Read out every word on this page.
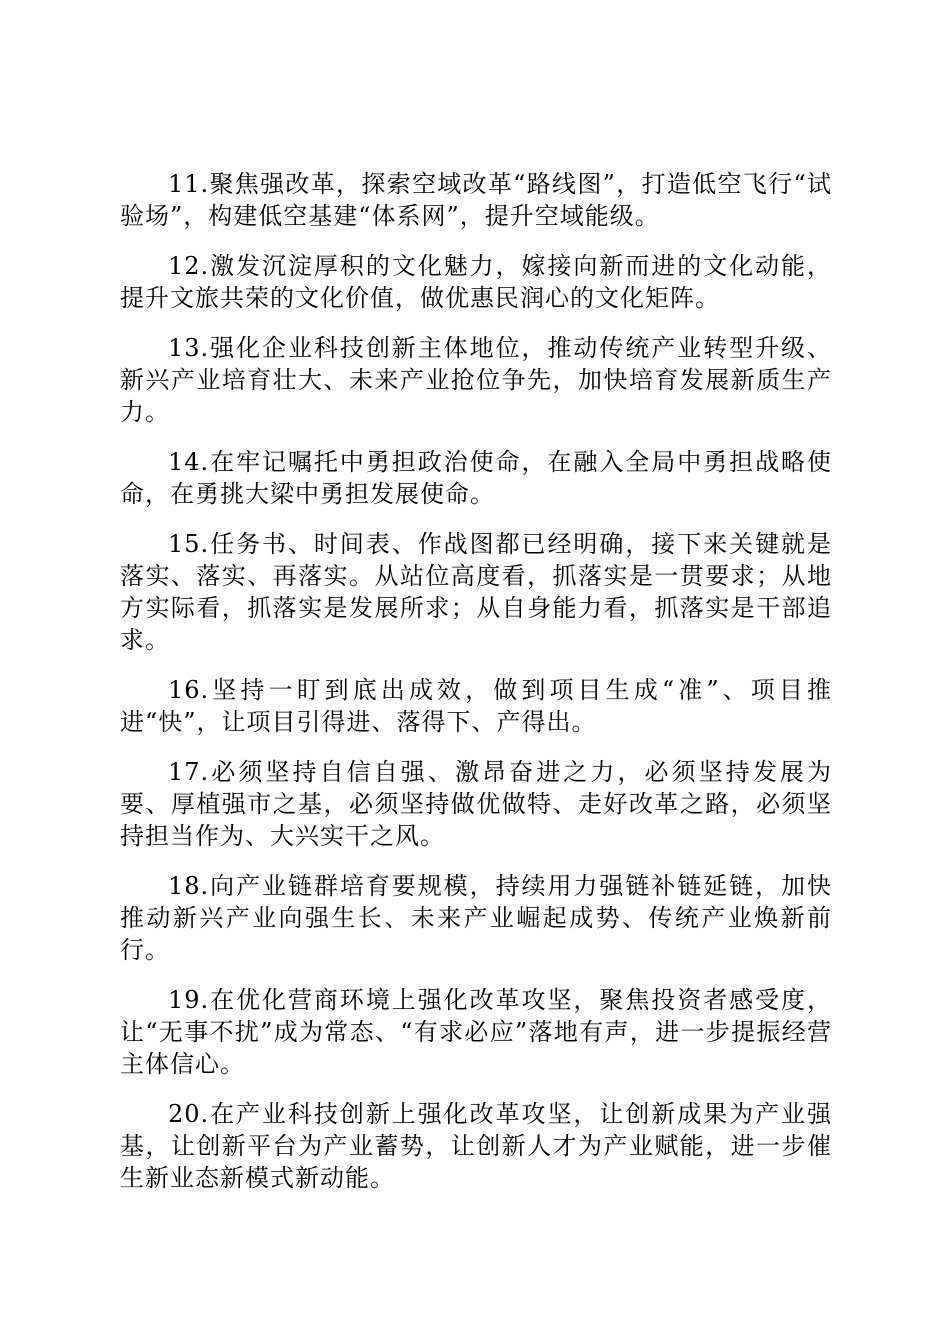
11.聚焦强改革，探索空域改革“路线图”，打造低空飞行“试验场”，构建低空基建“体系网”，提升空域能级。

12.激发沉淀厚积的文化魅力，嫁接向新而进的文化动能，提升文旅共荣的文化价值，做优惠民润心的文化矩阵。

13.强化企业科技创新主体地位，推动传统产业转型升级、新兴产业培育壮大、未来产业抢位争先，加快培育发展新质生产力。

14.在牢记嘱托中勇担政治使命，在融入全局中勇担战略使命，在勇挑大梁中勇担发展使命。

15.任务书、时间表、作战图都已经明确，接下来关键就是落实、落实、再落实。从站位高度看，抓落实是一贯要求；从地方实际看，抓落实是发展所求；从自身能力看，抓落实是干部追求。

16.坚持一盯到底出成效，做到项目生成“准”、项目推进“快”，让项目引得进、落得下、产得出。

17.必须坚持自信自强、激昂奋进之力，必须坚持发展为要、厚植强市之基，必须坚持做优做特、走好改革之路，必须坚持担当作为、大兴实干之风。

18.向产业链群培育要规模，持续用力强链补链延链，加快推动新兴产业向强生长、未来产业崛起成势、传统产业焕新前行。

19.在优化营商环境上强化改革攻坚，聚焦投资者感受度，让“无事不扰”成为常态、“有求必应”落地有声，进一步提振经营主体信心。

20.在产业科技创新上强化改革攻坚，让创新成果为产业强基，让创新平台为产业蓄势，让创新人才为产业赋能，进一步催生新业态新模式新动能。
